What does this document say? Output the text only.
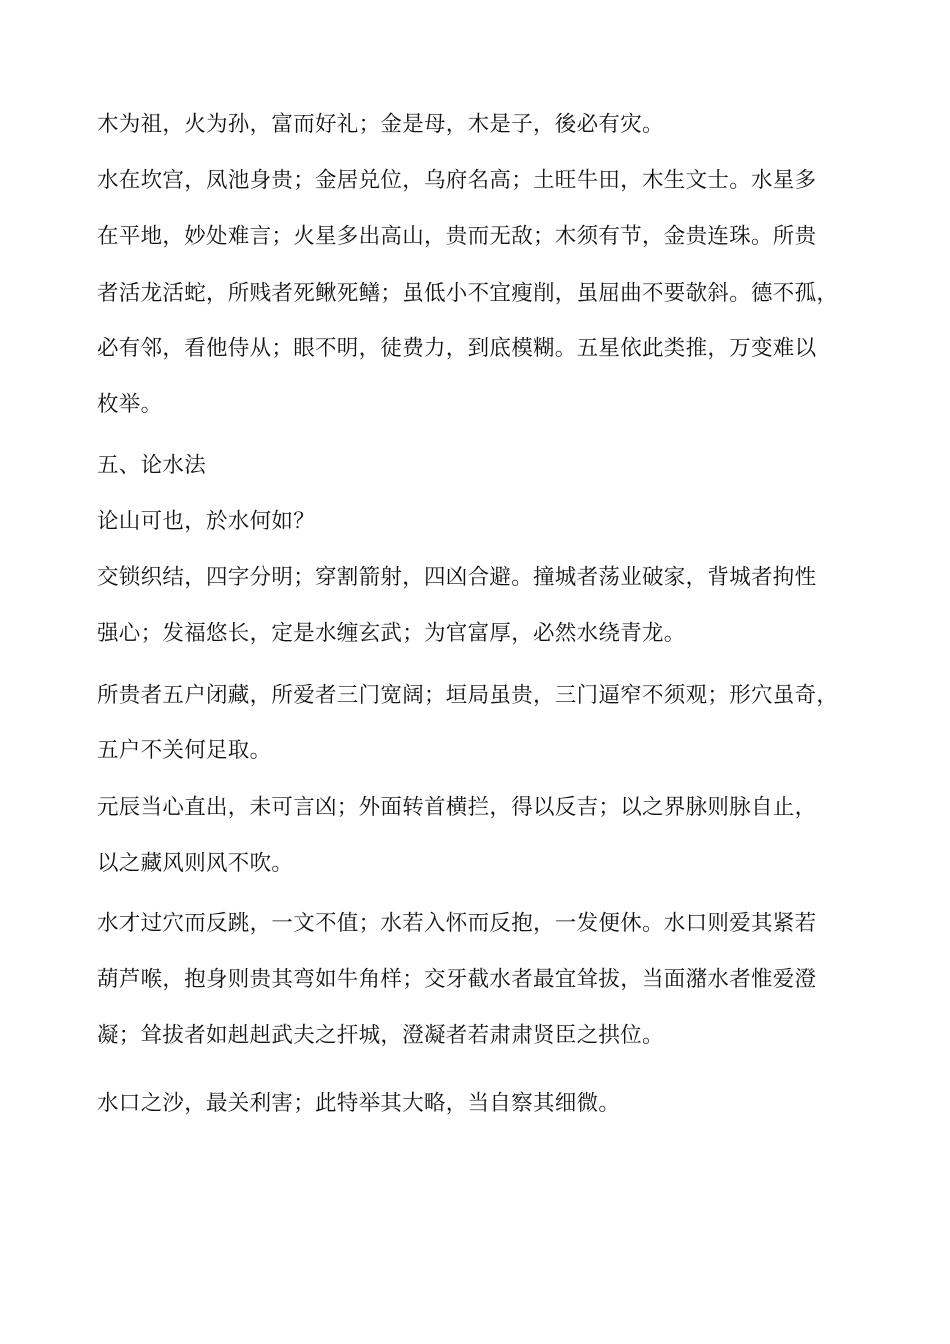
木为祖，火为孙，富而好礼；金是母，木是子，後必有灾。
水在坎宫，凤池身贵；金居兑位，乌府名高；土旺牛田，木生文士。水星多
在平地，妙处难言；火星多出高山，贵而无敌；木须有节，金贵连珠。所贵
者活龙活蛇，所贱者死鳅死鳝；虽低小不宜瘦削，虽屈曲不要欹斜。德不孤，
必有邻，看他侍从；眼不明，徒费力，到底模糊。五星依此类推，万变难以
枚举。
五、论水法
论山可也，於水何如？
交锁织结，四字分明；穿割箭射，四凶合避。撞城者荡业破家，背城者拘性
强心；发福悠长，定是水缠玄武；为官富厚，必然水绕青龙。
所贵者五户闭藏，所爱者三门宽阔；垣局虽贵，三门逼窄不须观；形穴虽奇，
五户不关何足取。
元辰当心直出，未可言凶；外面转首横拦，得以反吉；以之界脉则脉自止，
以之藏风则风不吹。
水才过穴而反跳，一文不值；水若入怀而反抱，一发便休。水口则爱其紧若
葫芦喉，抱身则贵其弯如牛角样；交牙截水者最宜耸拔，当面潴水者惟爱澄
凝；耸拔者如赳赳武夫之扞城，澄凝者若肃肃贤臣之拱位。
水口之沙，最关利害；此特举其大略，当自察其细微。
